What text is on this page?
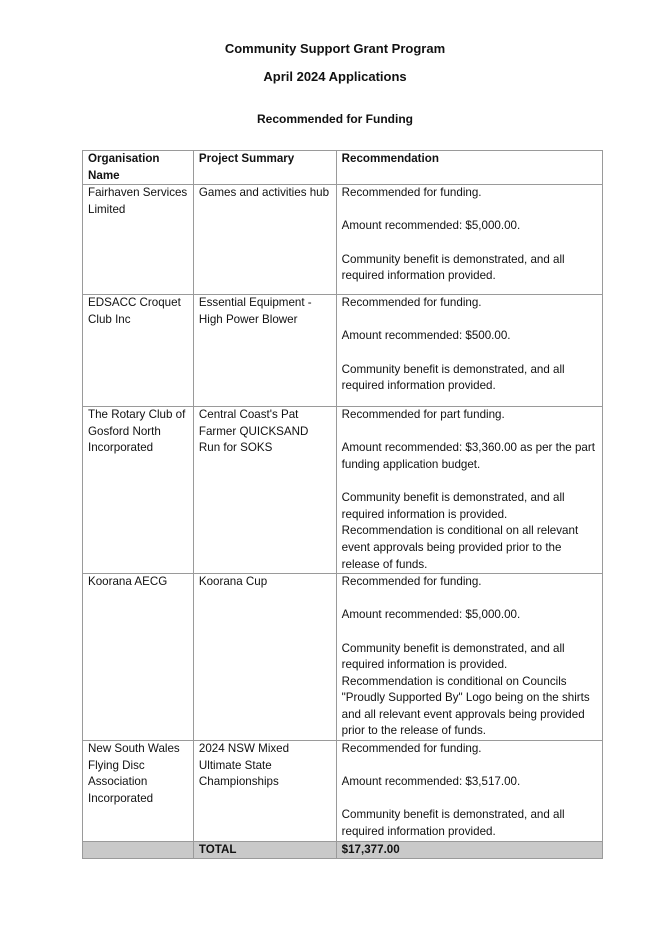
Community Support Grant Program
April 2024 Applications
Recommended for Funding
Organisation Name	Project Summary	Recommendation
Fairhaven Services Limited	Games and activities hub	Recommended for funding.

Amount recommended: $5,000.00.

Community benefit is demonstrated, and all required information provided.

EDSACC Croquet Club Inc	Essential Equipment - High Power Blower	Recommended for funding.

Amount recommended: $500.00.

Community benefit is demonstrated, and all required information provided.

The Rotary Club of Gosford North Incorporated	Central Coast's Pat Farmer QUICKSAND Run for SOKS	Recommended for part funding.

Amount recommended: $3,360.00 as per the part funding application budget.

Community benefit is demonstrated, and all required information is provided. Recommendation is conditional on all relevant event approvals being provided prior to the release of funds.

Koorana AECG	Koorana Cup	Recommended for funding.

Amount recommended: $5,000.00.

Community benefit is demonstrated, and all required information is provided. Recommendation is conditional on Councils "Proudly Supported By" Logo being on the shirts and all relevant event approvals being provided prior to the release of funds.

New South Wales Flying Disc Association Incorporated	2024 NSW Mixed Ultimate State Championships	Recommended for funding.

Amount recommended: $3,517.00.

Community benefit is demonstrated, and all required information provided.

	TOTAL	$17,377.00
